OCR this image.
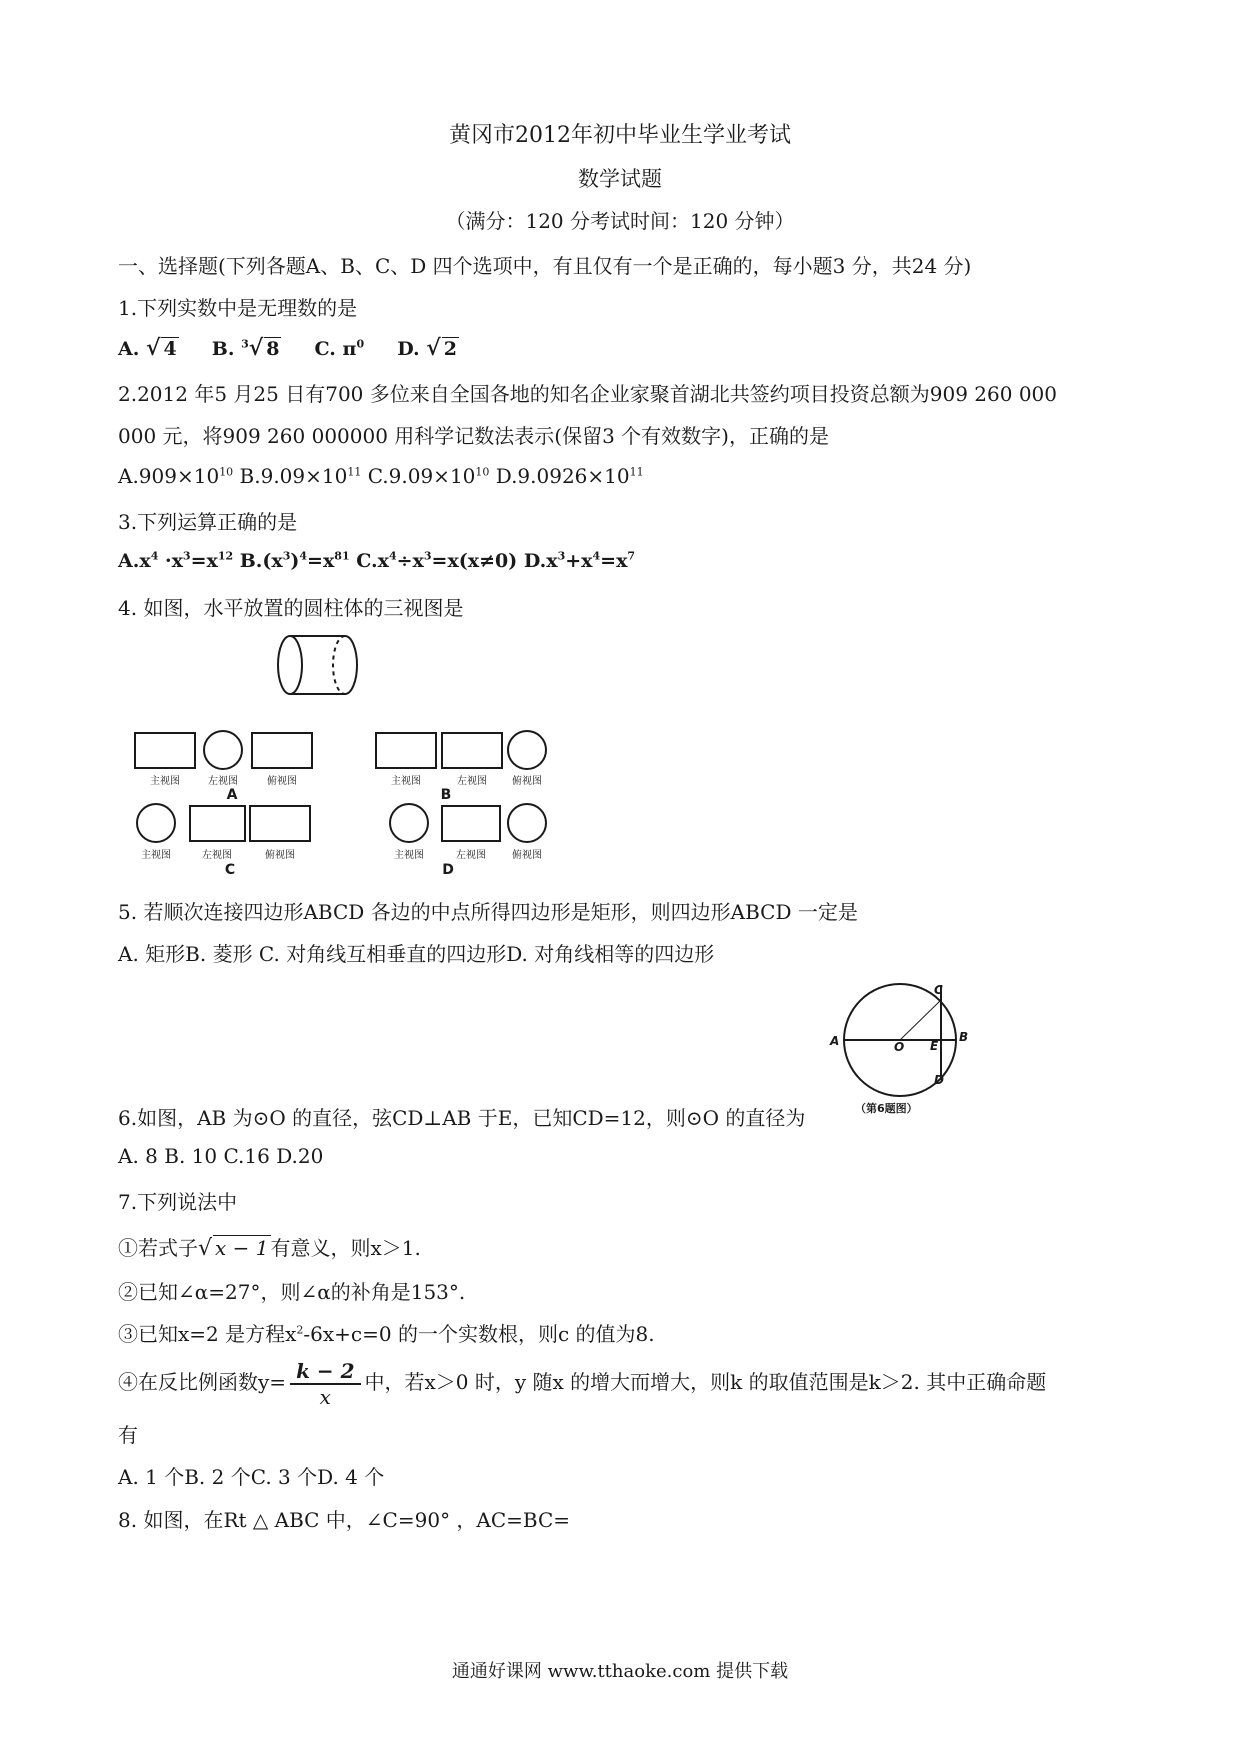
黄冈市2012年初中毕业生学业考试
数学试题
（满分：120 分考试时间：120 分钟）
一、选择题(下列各题A、B、C、D 四个选项中，有且仅有一个是正确的，每小题3 分，共24 分)
1.下列实数中是无理数的是
A. √ 4 B. $^3$√ 8 C. $\pi^0$ D. √ 2
2.2012 年5 月25 日有700 多位来自全国各地的知名企业家聚首湖北共签约项目投资总额为909 260 000
000 元，将909 260 000000 用科学记数法表示(保留3 个有效数字)，正确的是
$A.909\times 10^{10}$ $B.9.09\times 10^{11}$ $C.9.09\times 10^{10}$ $D.9.0926\times 10^{11}$
3.下列运算正确的是
$A.x^4 \cdot x^3=x^{12}$ $B.(x^3)^4=x^{81}$ $C.x^4\div x^3=x(x\ne 0)$ $D.x^3+x^4=x^7$
4. 如图，水平放置的圆柱体的三视图是
主视图	左视图	俯视图	主视图	左视图	俯视图
主视图	左视图	俯视图	主视图	左视图	俯视图
A	B
C	D
5. 若顺次连接四边形ABCD 各边的中点所得四边形是矩形，则四边形ABCD 一定是
A. 矩形B. 菱形 C. 对角线互相垂直的四边形D. 对角线相等的四边形
A	B
C
D
E
O
（第6题图）
6.如图，AB 为⊙O 的直径，弦CD⊥AB 于E，已知CD=12，则⊙O 的直径为
A. 8 B. 10 C.16 D.20
7.下列说法中
①若式子√ x − 1 有意义，则x＞1.
②已知∠α=27°，则∠α的补角是153°.
③已知x=2 是方程$x^2-6x+c=0$ 的一个实数根，则c 的值为8.
④在反比例函数$y= \frac{k - 2}{x}$ 中，若x＞0 时，y 随x 的增大而增大，则k 的取值范围是k＞2. 其中正确命题
有
A. 1 个B. 2 个C. 3 个D. 4 个
8. 如图，在Rt △ ABC 中，∠C=90° ，AC=BC=
通通好课网 www.tthaoke.com 提供下载
